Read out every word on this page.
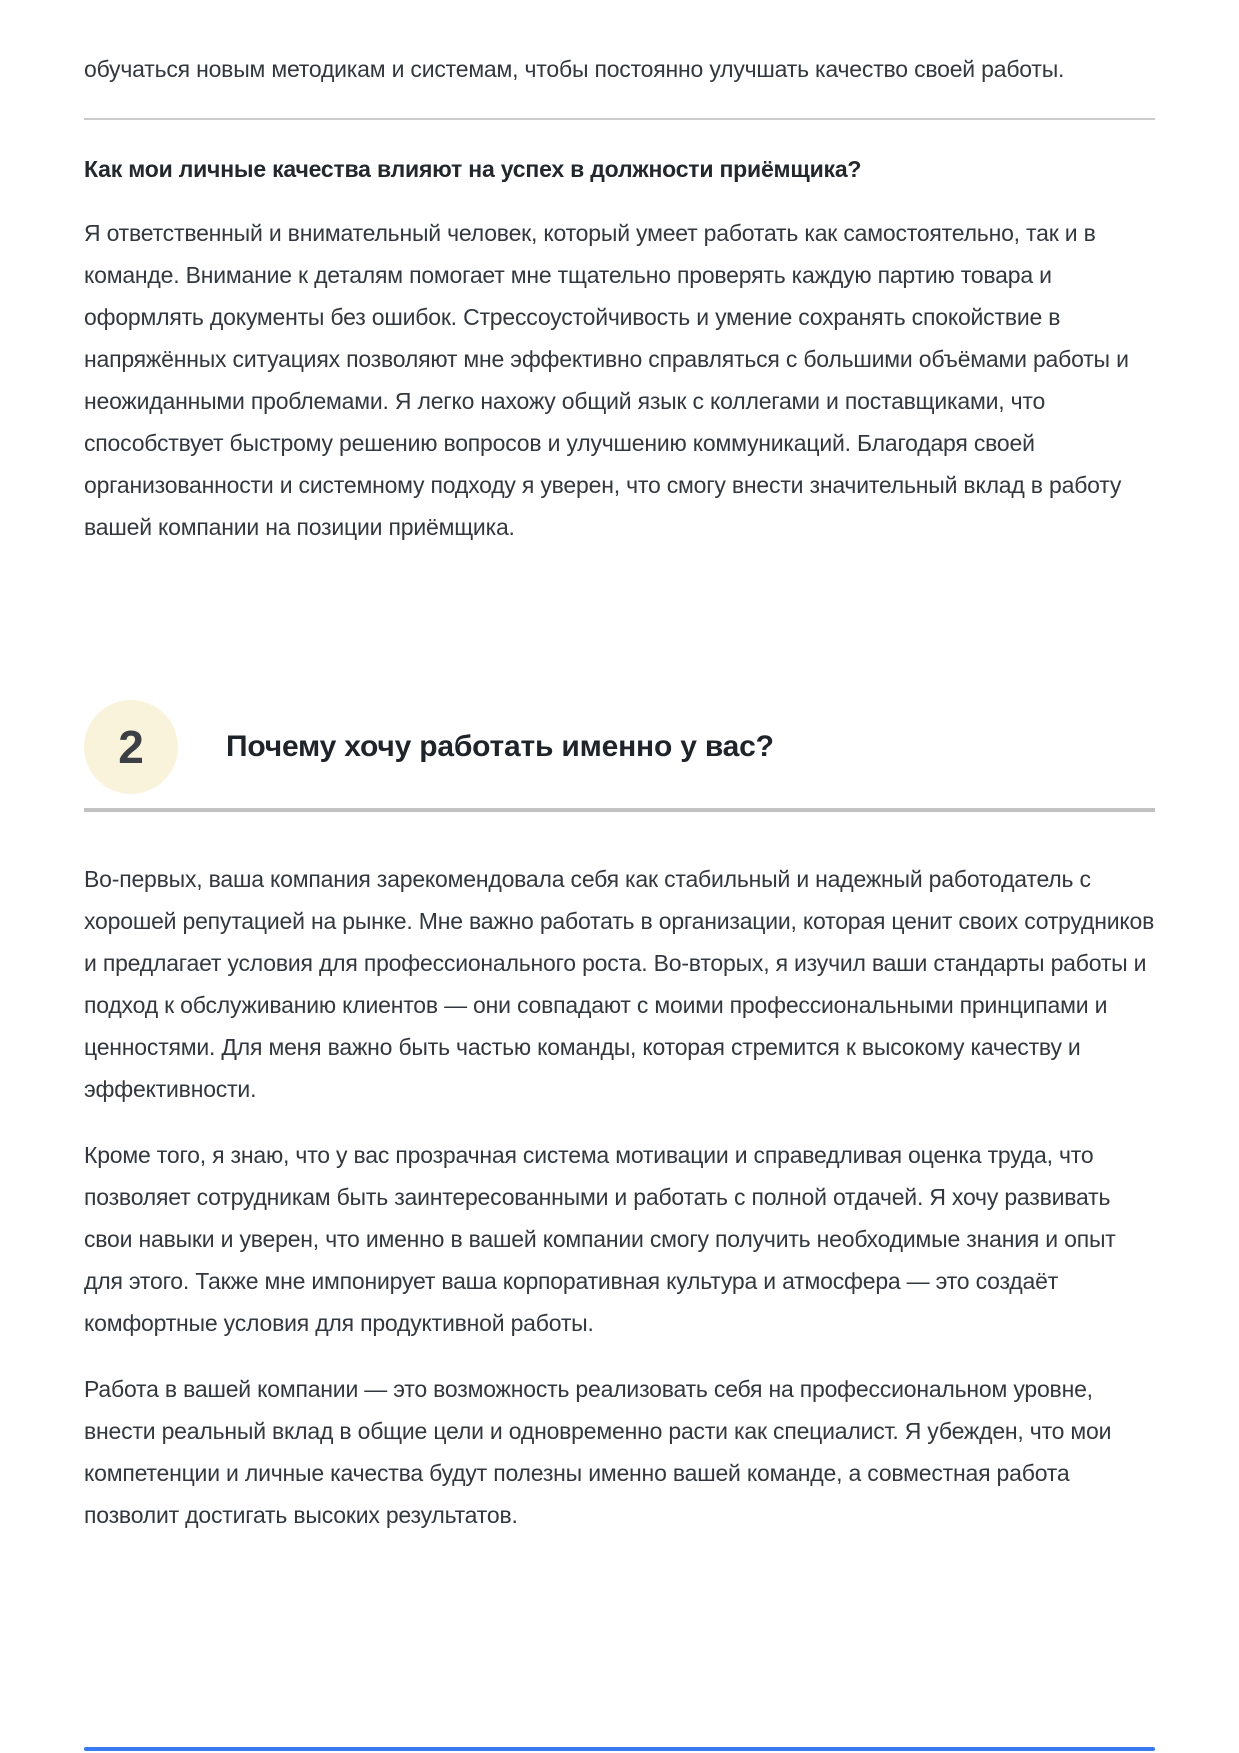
обучаться новым методикам и системам, чтобы постоянно улучшать качество своей работы.

Как мои личные качества влияют на успех в должности приёмщика?

Я ответственный и внимательный человек, который умеет работать как самостоятельно, так и в команде. Внимание к деталям помогает мне тщательно проверять каждую партию товара и оформлять документы без ошибок. Стрессоустойчивость и умение сохранять спокойствие в напряжённых ситуациях позволяют мне эффективно справляться с большими объёмами работы и неожиданными проблемами. Я легко нахожу общий язык с коллегами и поставщиками, что способствует быстрому решению вопросов и улучшению коммуникаций. Благодаря своей организованности и системному подходу я уверен, что смогу внести значительный вклад в работу вашей компании на позиции приёмщика.

2	Почему хочу работать именно у вас?

Во-первых, ваша компания зарекомендовала себя как стабильный и надежный работодатель с хорошей репутацией на рынке. Мне важно работать в организации, которая ценит своих сотрудников и предлагает условия для профессионального роста. Во-вторых, я изучил ваши стандарты работы и подход к обслуживанию клиентов — они совпадают с моими профессиональными принципами и ценностями. Для меня важно быть частью команды, которая стремится к высокому качеству и эффективности.

Кроме того, я знаю, что у вас прозрачная система мотивации и справедливая оценка труда, что позволяет сотрудникам быть заинтересованными и работать с полной отдачей. Я хочу развивать свои навыки и уверен, что именно в вашей компании смогу получить необходимые знания и опыт для этого. Также мне импонирует ваша корпоративная культура и атмосфера — это создаёт комфортные условия для продуктивной работы.

Работа в вашей компании — это возможность реализовать себя на профессиональном уровне, внести реальный вклад в общие цели и одновременно расти как специалист. Я убежден, что мои компетенции и личные качества будут полезны именно вашей команде, а совместная работа позволит достигать высоких результатов.
